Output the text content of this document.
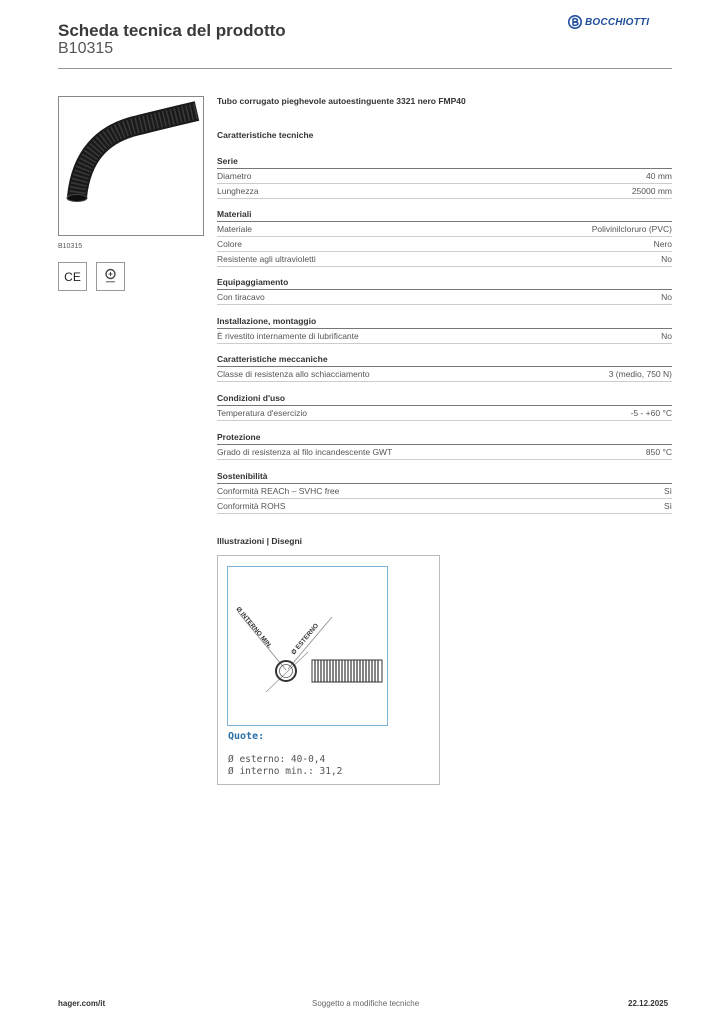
Scheda tecnica del prodotto
B10315
BOCCHIOTTI
B10315
CE
Tubo corrugato pieghevole autoestinguente 3321 nero FMP40
Caratteristiche tecniche
Serie
Diametro	40 mm
Lunghezza	25000 mm
Materiali
Materiale	Polivinilcloruro (PVC)
Colore	Nero
Resistente agli ultravioletti	No
Equipaggiamento
Con tiracavo	No
Installazione, montaggio
È rivestito internamente di lubrificante	No
Caratteristiche meccaniche
Classe di resistenza allo schiacciamento	3 (medio, 750 N)
Condizioni d'uso
Temperatura d'esercizio	-5 - +60 °C
Protezione
Grado di resistenza al filo incandescente GWT	850 °C
Sostenibilità
Conformità REACh – SVHC free	Sì
Conformità ROHS	Sì
Illustrazioni | Disegni
Ø INTERNO MIN.	Ø ESTERNO
Quote:
Ø esterno: 40-0,4
Ø interno min.: 31,2
hager.com/it	Soggetto a modifiche tecniche	22.12.2025
